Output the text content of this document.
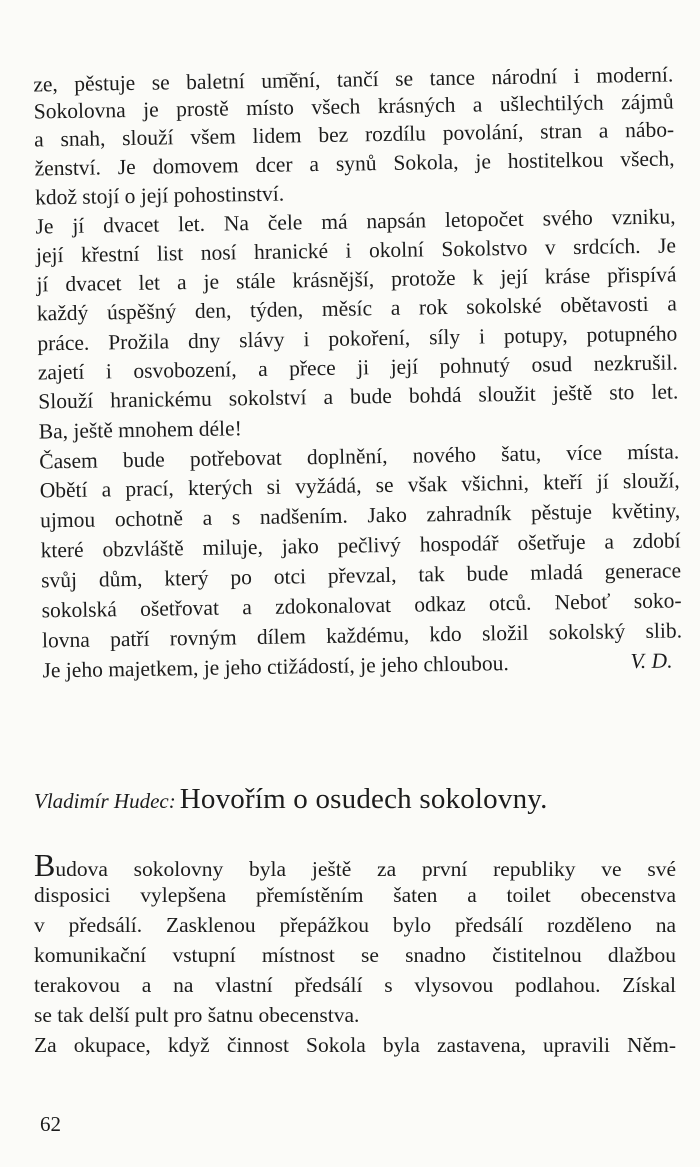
ze, pěstuje se baletní umění, tančí se tance národní i moderní.
Sokolovna je prostě místo všech krásných a ušlechtilých zájmů
a snah, slouží všem lidem bez rozdílu povolání, stran a nábo-
ženství. Je domovem dcer a synů Sokola, je hostitelkou všech,
kdož stojí o její pohostinství.
Je jí dvacet let. Na čele má napsán letopočet svého vzniku,
její křestní list nosí hranické i okolní Sokolstvo v srdcích. Je
jí dvacet let a je stále krásnější, protože k její kráse přispívá
každý úspěšný den, týden, měsíc a rok sokolské obětavosti a
práce. Prožila dny slávy i pokoření, síly i potupy, potupného
zajetí i osvobození, a přece ji její pohnutý osud nezkrušil.
Slouží hranickému sokolství a bude bohdá sloužit ještě sto let.
Ba, ještě mnohem déle!
Časem bude potřebovat doplnění, nového šatu, více místa.
Obětí a prací, kterých si vyžádá, se však všichni, kteří jí slouží,
ujmou ochotně a s nadšením. Jako zahradník pěstuje květiny,
které obzvláště miluje, jako pečlivý hospodář ošetřuje a zdobí
svůj dům, který po otci převzal, tak bude mladá generace
sokolská ošetřovat a zdokonalovat odkaz otců. Neboť soko-
lovna patří rovným dílem každému, kdo složil sokolský slib.
Je jeho majetkem, je jeho ctižádostí, je jeho chloubou.	V. D.
Vladimír Hudec: Hovořím o osudech sokolovny.
Budova sokolovny byla ještě za první republiky ve své
disposici vylepšena přemístěním šaten a toilet obecenstva
v předsálí. Zasklenou přepážkou bylo předsálí rozděleno na
komunikační vstupní místnost se snadno čistitelnou dlažbou
terakovou a na vlastní předsálí s vlysovou podlahou. Získal
se tak delší pult pro šatnu obecenstva.
Za okupace, když činnost Sokola byla zastavena, upravili Něm-
62
